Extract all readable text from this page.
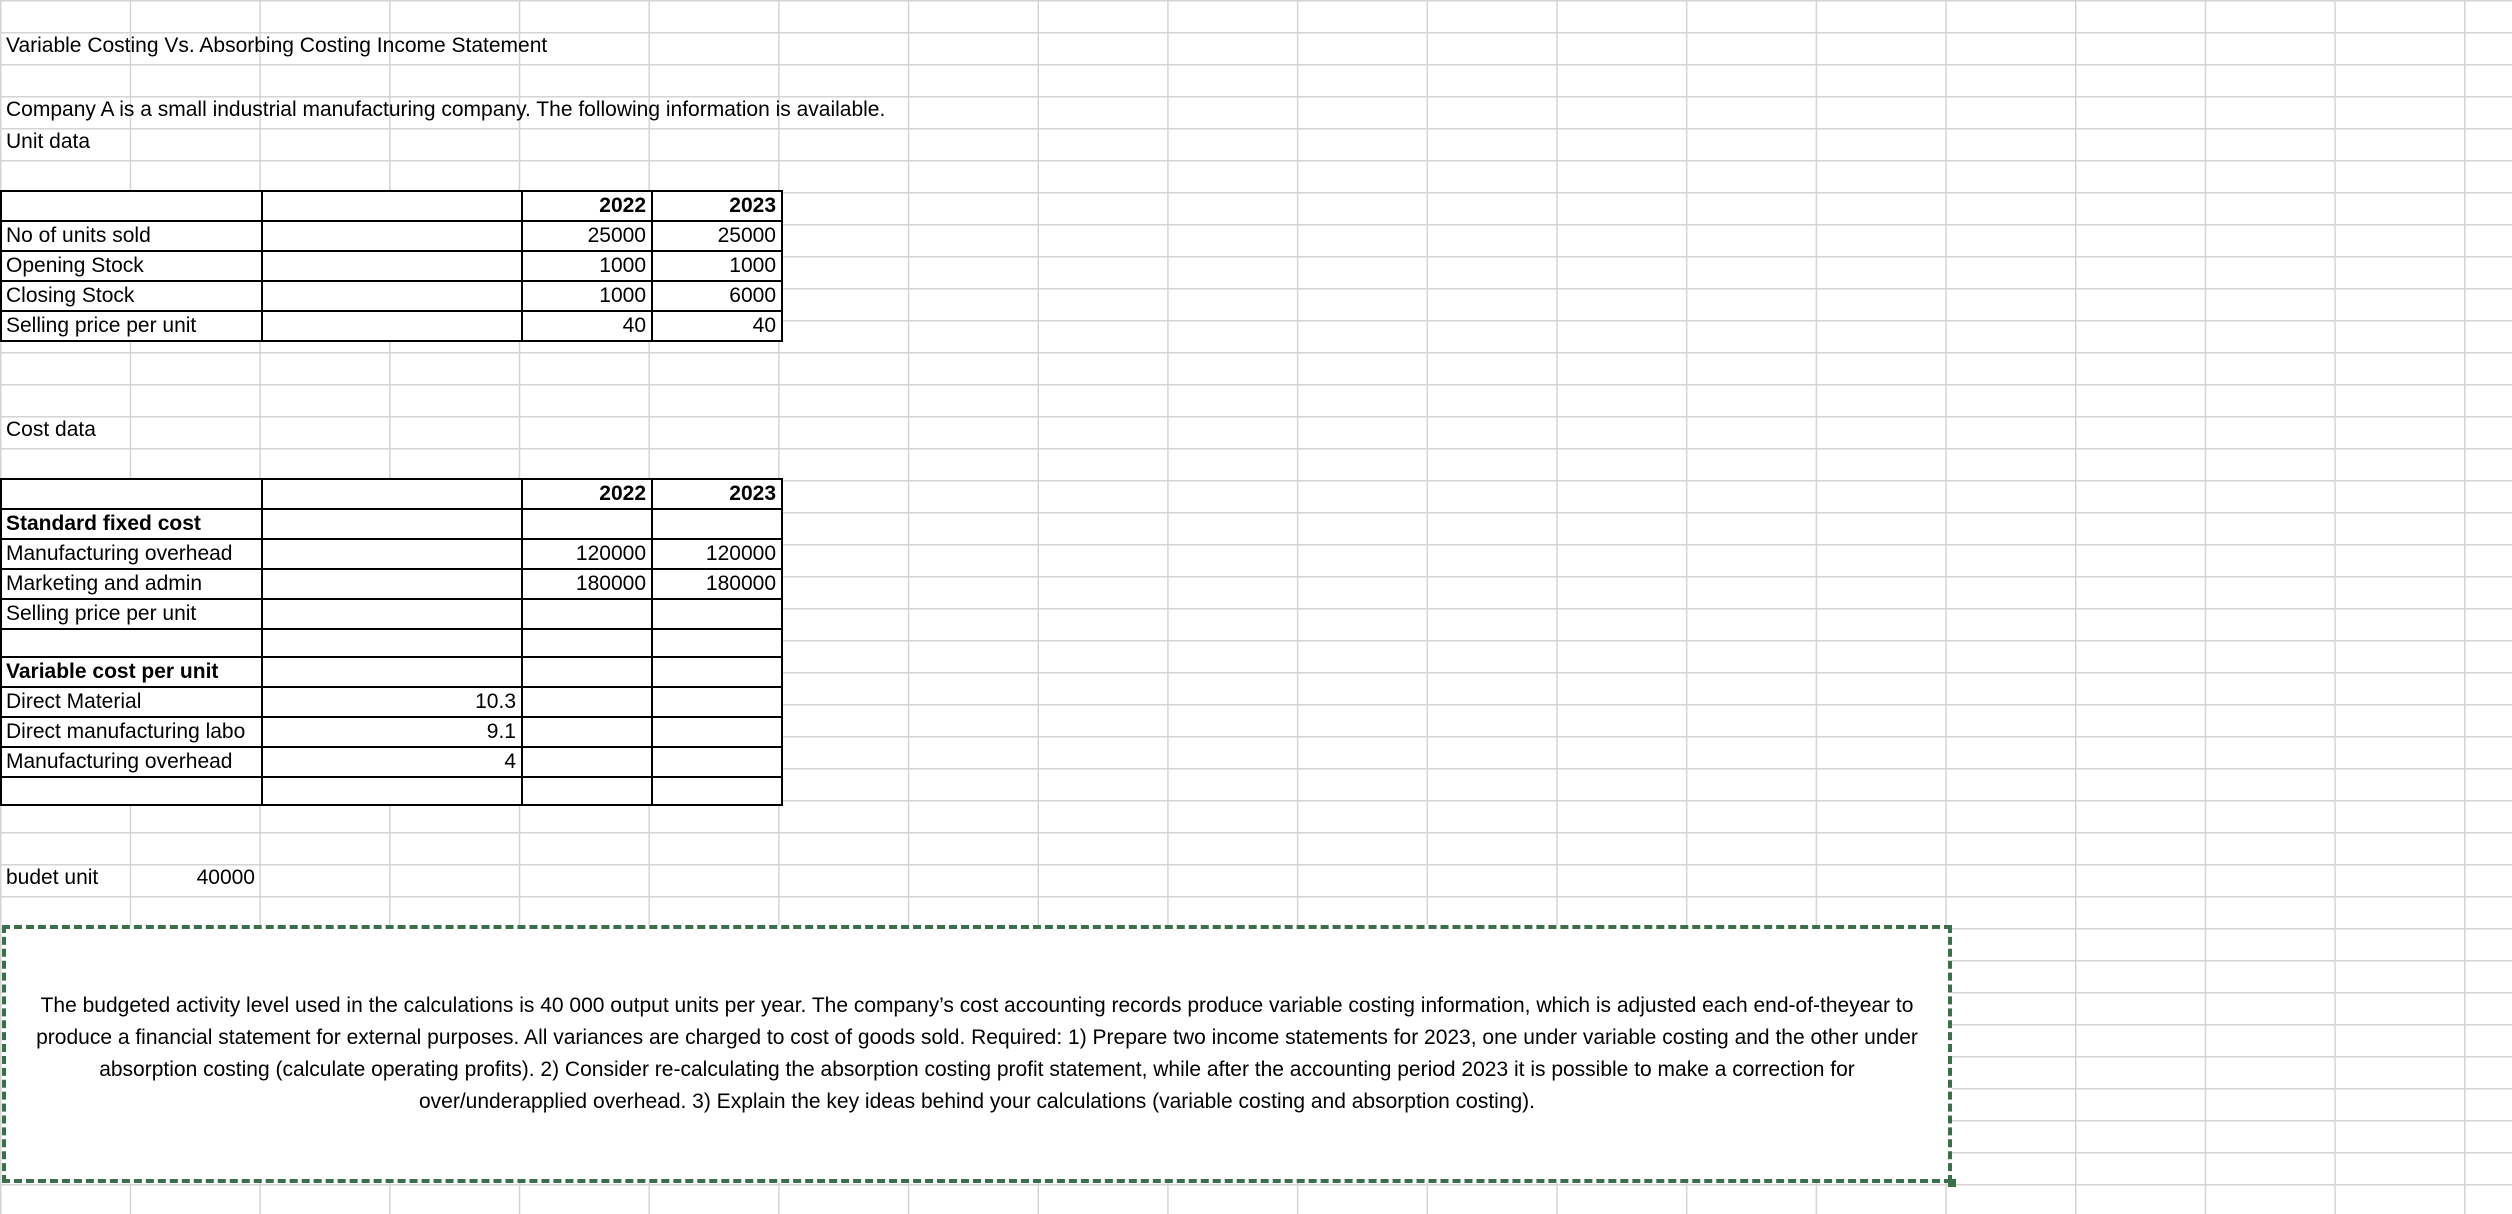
Variable Costing Vs. Absorbing Costing Income Statement
Company A is a small industrial manufacturing company. The following information is available.
Unit data
Cost data
		2022	2023
No of units sold		25000	25000
Opening Stock		1000	1000
Closing Stock		1000	6000
Selling price per unit		40	40
		2022	2023
Standard fixed cost			
Manufacturing overhead		120000	120000
Marketing and admin		180000	180000
Selling price per unit			

Variable cost per unit			
Direct Material	10.3		
Direct manufacturing labo	9.1		
Manufacturing overhead	4		

budet unit	40000

The budgeted activity level used in the calculations is 40 000 output units per year. The company’s cost accounting records produce variable costing information, which is adjusted each end-of-theyear to produce a financial statement for external purposes. All variances are charged to cost of goods sold. Required: 1) Prepare two income statements for 2023, one under variable costing and the other under absorption costing (calculate operating profits). 2) Consider re-calculating the absorption costing profit statement, while after the accounting period 2023 it is possible to make a correction for over/underapplied overhead. 3) Explain the key ideas behind your calculations (variable costing and absorption costing).
